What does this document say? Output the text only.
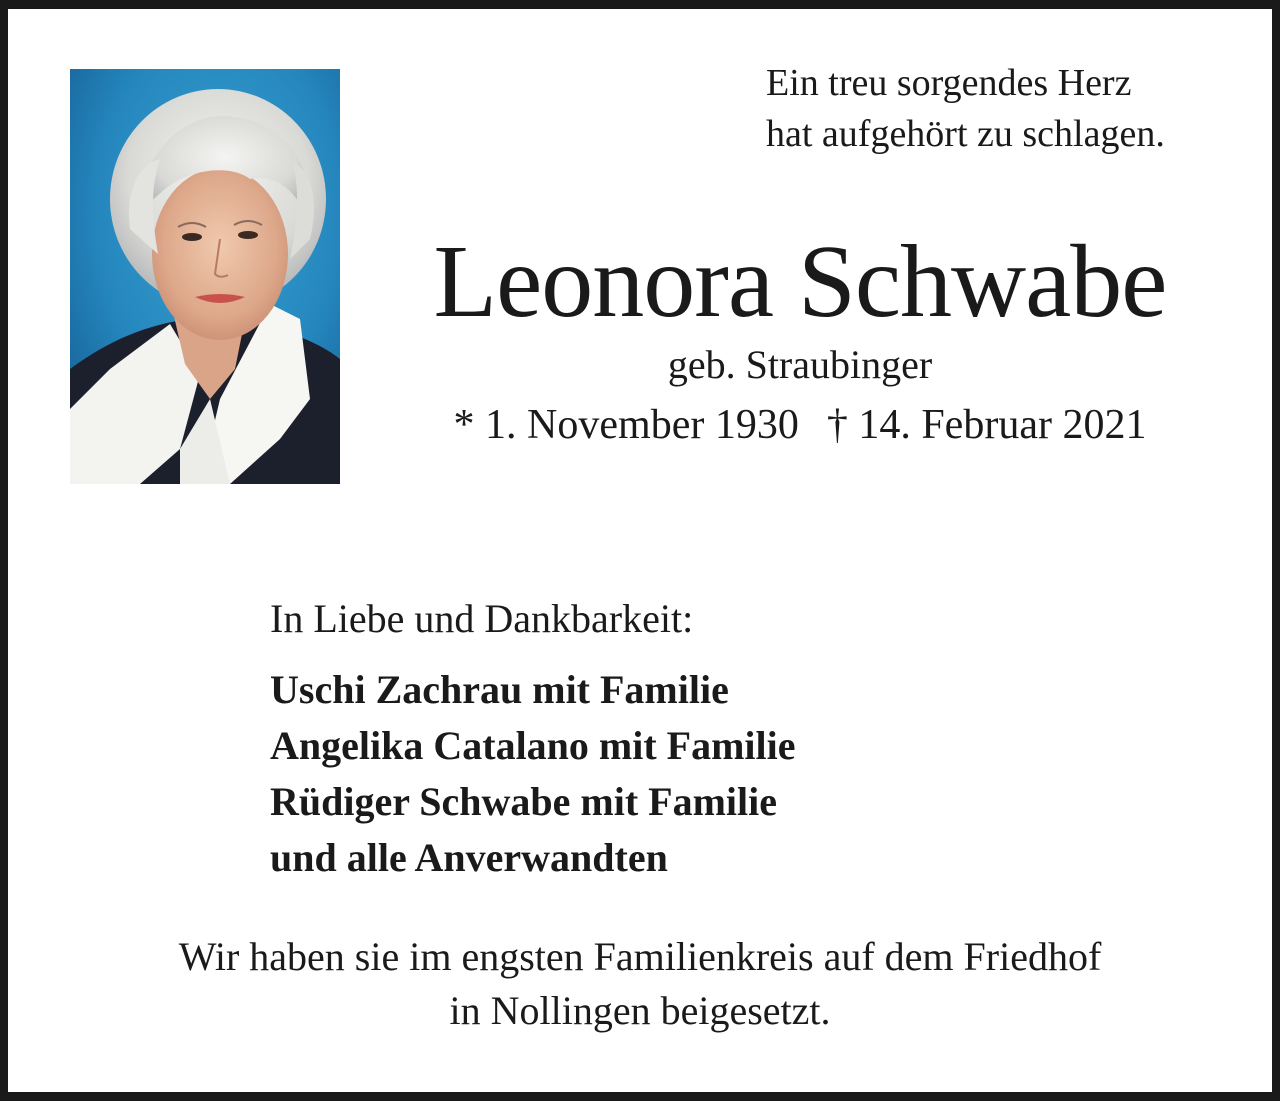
Ein treu sorgendes Herz
hat aufgehört zu schlagen.
Leonora Schwabe
geb. Straubinger
* 1. November 1930 † 14. Februar 2021
In Liebe und Dankbarkeit:
Uschi Zachrau mit Familie
Angelika Catalano mit Familie
Rüdiger Schwabe mit Familie
und alle Anverwandten
Wir haben sie im engsten Familienkreis auf dem Friedhof
in Nollingen beigesetzt.
